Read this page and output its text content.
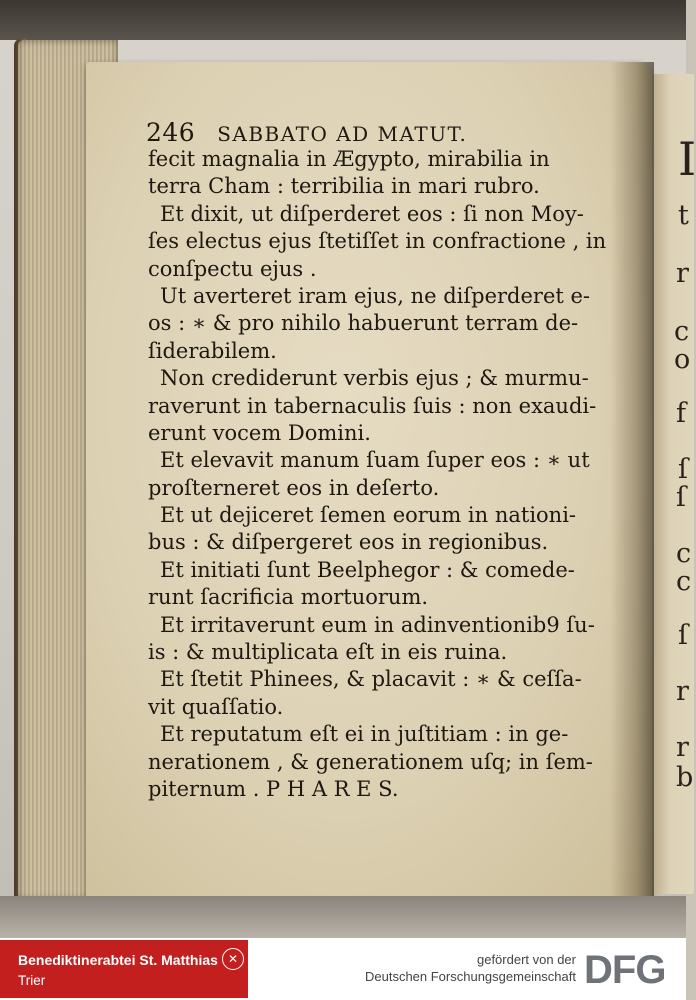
I
t
r
c
o
f
ſ
ſ
c
c
ſ
r
r
b
246 SABBATO AD MATUT.
fecit magnalia in Ægypto, mirabilia in
terra Cham : terribilia in mari rubro.
Et dixit, ut diſperderet eos : ſi non Moy-
ſes electus ejus ſtetiſſet in confractione , in
conſpectu ejus .
Ut averteret iram ejus, ne diſperderet e-
os : ∗ & pro nihilo habuerunt terram de-
ſiderabilem.
Non crediderunt verbis ejus ; & murmu-
raverunt in tabernaculis ſuis : non exaudi-
erunt vocem Domini.
Et elevavit manum ſuam ſuper eos : ∗ ut
proſterneret eos in deſerto.
Et ut dejiceret ſemen eorum in nationi-
bus : & diſpergeret eos in regionibus.
Et initiati ſunt Beelphegor : & comede-
runt ſacrificia mortuorum.
Et irritaverunt eum in adinventionib9 ſu-
is : & multiplicata eſt in eis ruina.
Et ſtetit Phinees, & placavit : ∗ & ceſſa-
vit quaſſatio.
Et reputatum eſt ei in juſtitiam : in ge-
nerationem , & generationem uſq; in ſem-
piternum . P H A R E S.
Benediktinerabtei St. Matthias
Trier
✕	gefördert von der
Deutschen Forschungsgemeinschaft DFG
